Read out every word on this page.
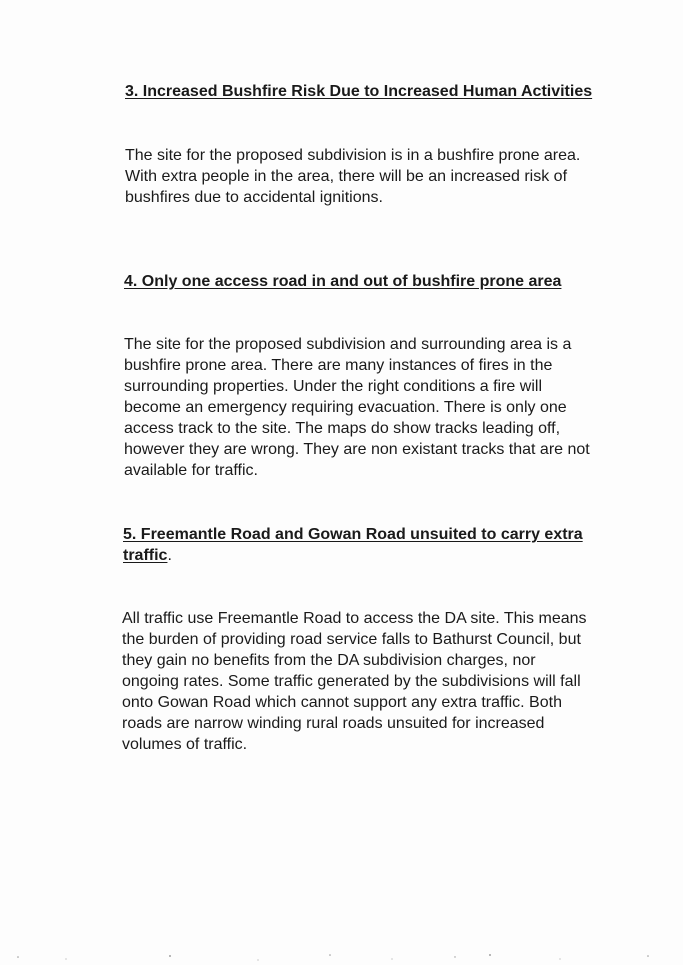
3. Increased Bushfire Risk Due to Increased Human Activities

The site for the proposed subdivision is in a bushfire prone area.
With extra people in the area, there will be an increased risk of
bushfires due to accidental ignitions.

4. Only one access road in and out of bushfire prone area

The site for the proposed subdivision and surrounding area is a
bushfire prone area. There are many instances of fires in the
surrounding properties. Under the right conditions a fire will
become an emergency requiring evacuation. There is only one
access track to the site. The maps do show tracks leading off,
however they are wrong. They are non existant tracks that are not
available for traffic.

5. Freemantle Road and Gowan Road unsuited to carry extra
traffic.

All traffic use Freemantle Road to access the DA site. This means
the burden of providing road service falls to Bathurst Council, but
they gain no benefits from the DA subdivision charges, nor
ongoing rates. Some traffic generated by the subdivisions will fall
onto Gowan Road which cannot support any extra traffic. Both
roads are narrow winding rural roads unsuited for increased
volumes of traffic.
